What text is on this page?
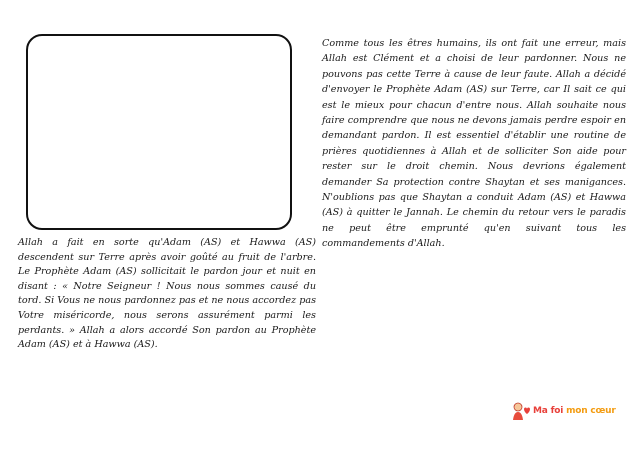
Allah a fait en sorte qu'Adam (AS) et Hawwa (AS) descendent sur Terre après avoir goûté au fruit de l'arbre. Le Prophète Adam (AS) sollicitait le pardon jour et nuit en disant : « Notre Seigneur ! Nous nous sommes causé du tord. Si Vous ne nous pardonnez pas et ne nous accordez pas Votre miséricorde, nous serons assurément parmi les perdants. » Allah a alors accordé Son pardon au Prophète Adam (AS) et à Hawwa (AS).

Comme tous les êtres humains, ils ont fait une erreur, mais Allah est Clément et a choisi de leur pardonner. Nous ne pouvons pas cette Terre à cause de leur faute. Allah a décidé d'envoyer le Prophète Adam (AS) sur Terre, car Il sait ce qui est le mieux pour chacun d'entre nous. Allah souhaite nous faire comprendre que nous ne devons jamais perdre espoir en demandant pardon. Il est essentiel d'établir une routine de prières quotidiennes à Allah et de solliciter Son aide pour rester sur le droit chemin. Nous devrions également demander Sa protection contre Shaytan et ses manigances. N'oublions pas que Shaytan a conduit Adam (AS) et Hawwa (AS) à quitter le Jannah. Le chemin du retour vers le paradis ne peut être emprunté qu'en suivant tous les commandements d'Allah.

Ma foi mon cœur
